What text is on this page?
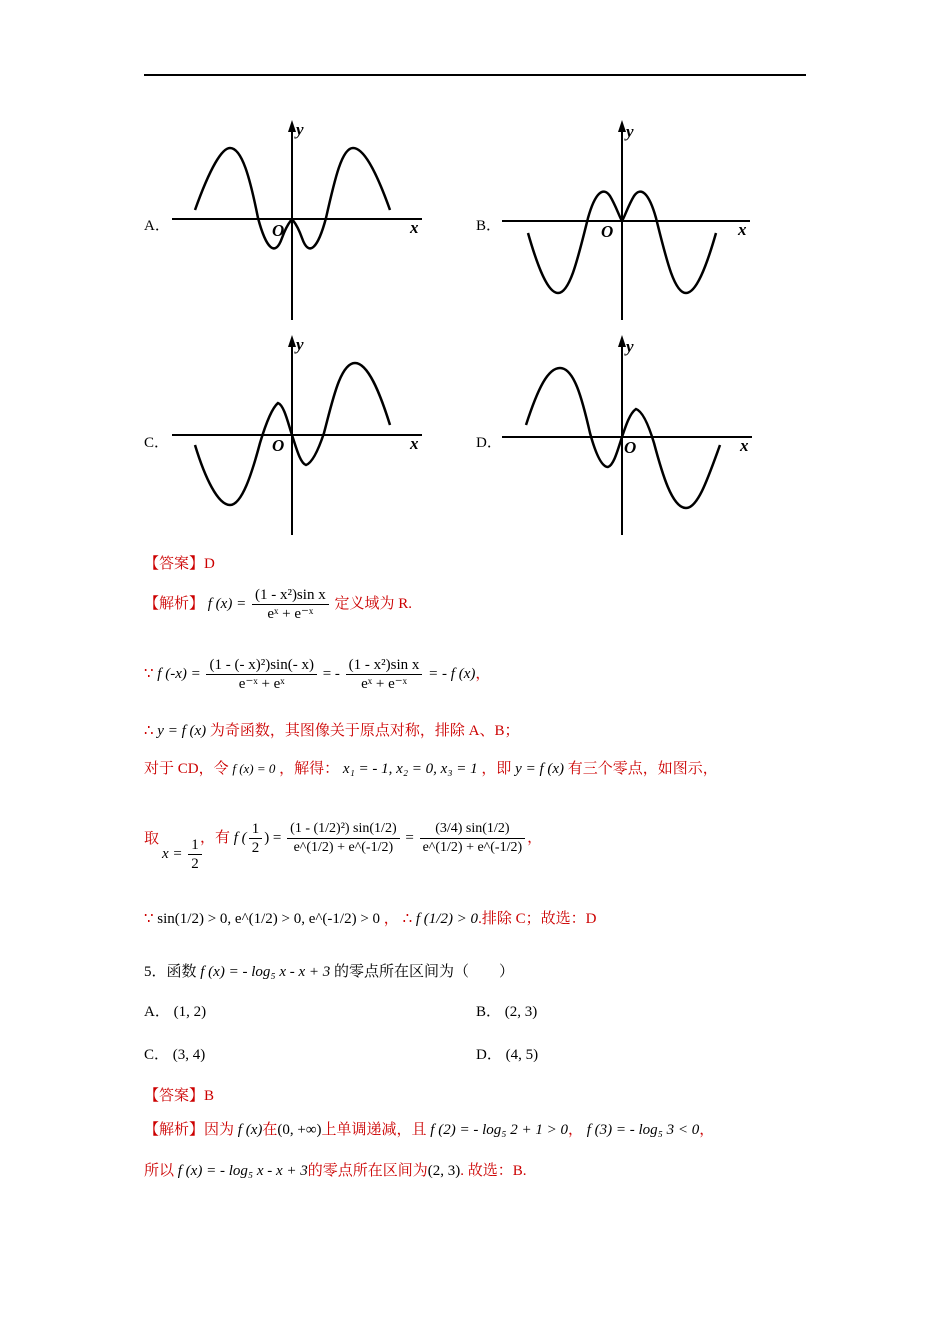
A．
y
x
O	B．
y
x
O
C．
y
x
O	D．
y
x
O
【答案】D
【解析】 f $(x) = \frac{\text{(1 - x²)sin x}}{\text{eˣ + e⁻ˣ}}$ 定义域为 R.
∵ f $(-x) = \frac{\text{(1 - (- x)²)sin(- x)}}{\text{e⁻ˣ + eˣ}}$ = - $\frac{\text{(1 - x²)sin x}}{\text{eˣ + e⁻ˣ}}$ = - f (x)，
∴ y = f (x) 为奇函数，其图像关于原点对称，排除 A、B；
对于 CD，令 f (x) = 0 ，解得： x₁ = - 1, x₂ = 0, x₃ = 1 ，即 y = f (x) 有三个零点，如图示，
取
$x = \frac{1}{2}$
，有 f ( $\frac{1}{2}$ ) = $\frac{\text{(1 - (1/2)²) sin(1/2)}}{e\^{}(1/2) + e\^{}(-1/2)} = \frac{(3/4) \sin(1/2)}{e\^{}(1/2) + e\^{}(-1/2)}$ ，
∵ sin(1/2) > 0, e^(1/2) > 0, e^(-1/2) > 0 ， ∴ f (1/2) > 0.排除 C；故选：D
5．函数 f (x) = - log₅ x - x + 3 的零点所在区间为（　　）
A． (1, 2)	B． (2, 3)
C． (3, 4)	D． (4, 5)
【答案】B
【解析】因为 f (x)在(0, +∞)上单调递减，且 f (2) = - log₅ 2 + 1 > 0， f (3) = - log₅ 3 < 0，
所以 f (x) = - log₅ x - x + 3的零点所在区间为(2, 3). 故选：B.
